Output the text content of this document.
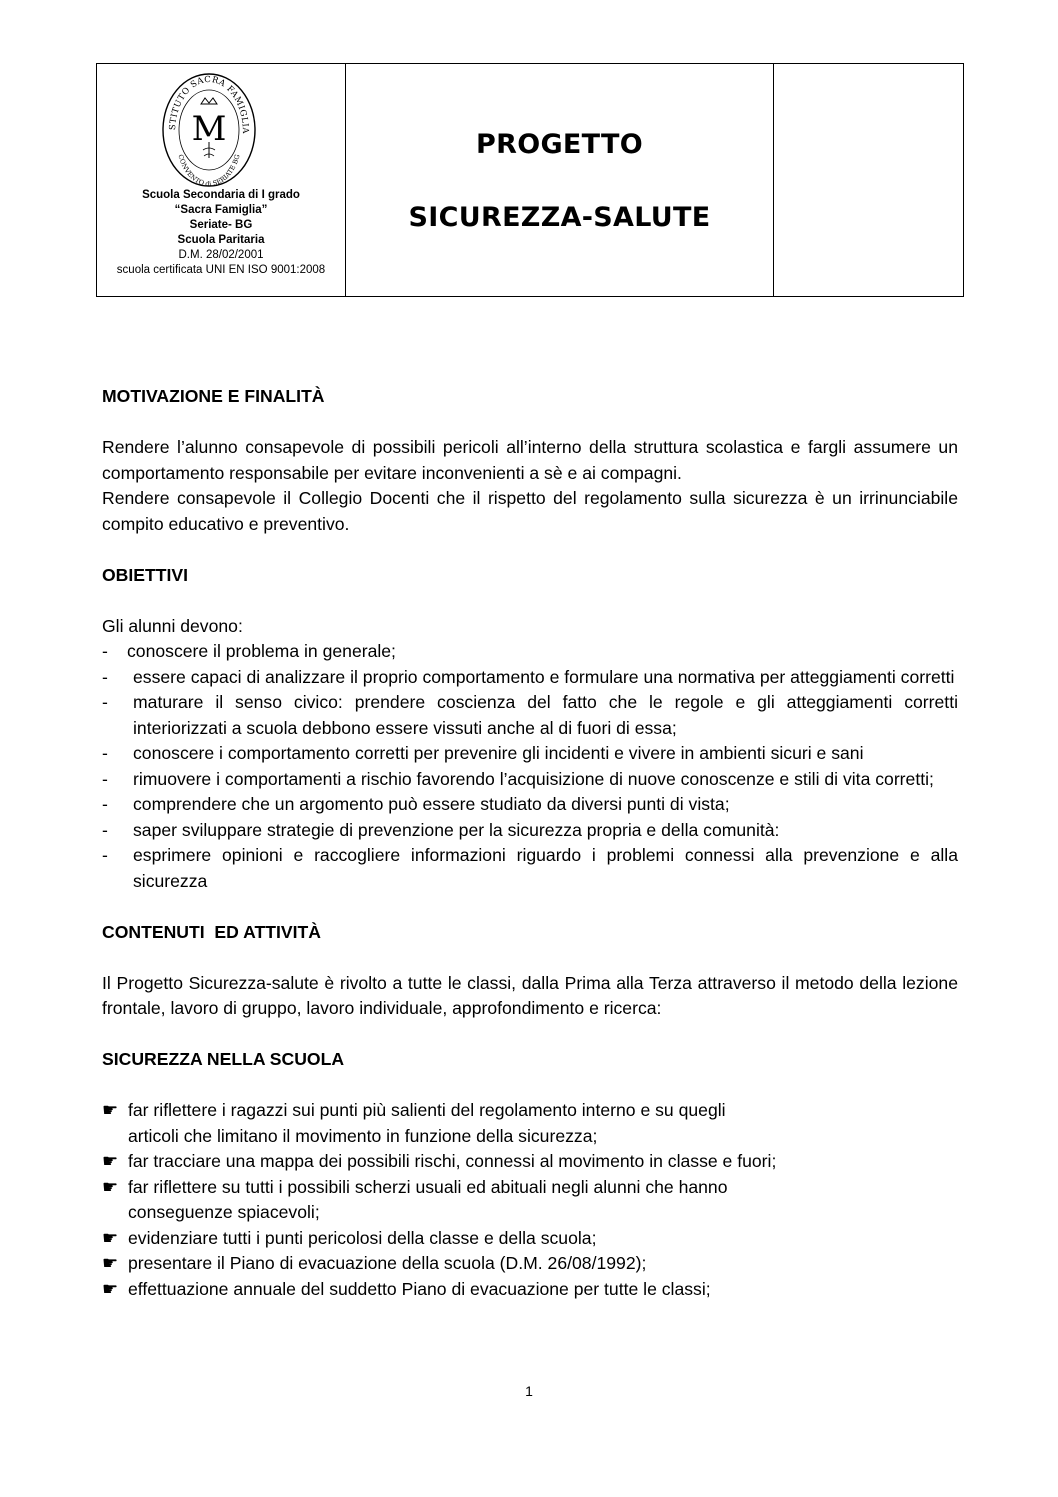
STITUTO SACRA FAMIGLIA
CONVENTO di SERIATE BG
M
Scuola Secondaria di I grado
“Sacra Famiglia”
Seriate- BG
Scuola Paritaria
D.M. 28/02/2001
scuola certificata UNI EN ISO 9001:2008
PROGETTO
SICUREZZA-SALUTE

MOTIVAZIONE E FINALITÀ

Rendere l’alunno consapevole di possibili pericoli all’interno della struttura scolastica e fargli assumere un comportamento responsabile per evitare inconvenienti a sè e ai compagni.

Rendere consapevole il Collegio Docenti che il rispetto del regolamento sulla sicurezza è un irrinunciabile compito educativo e preventivo.

OBIETTIVI

Gli alunni devono:

-	conoscere il problema in generale;
-	essere capaci di analizzare il proprio comportamento e formulare una normativa per atteggiamenti corretti
-	maturare il senso civico: prendere coscienza del fatto che le regole e gli atteggiamenti corretti interiorizzati a scuola debbono essere vissuti anche al di fuori di essa;
-	conoscere i comportamento corretti per prevenire gli incidenti e vivere in ambienti sicuri e sani
-	rimuovere i comportamenti a rischio favorendo l’acquisizione di nuove conoscenze e stili di vita corretti;
-	comprendere che un argomento può essere studiato da diversi punti di vista;
-	saper sviluppare strategie di prevenzione per la sicurezza propria e della comunità:
-	esprimere opinioni e raccogliere informazioni riguardo i problemi connessi alla prevenzione e alla sicurezza

CONTENUTI  ED ATTIVITÀ

Il Progetto Sicurezza-salute è rivolto a tutte le classi, dalla Prima alla Terza attraverso il metodo della lezione frontale, lavoro di gruppo, lavoro individuale, approfondimento e ricerca:

SICUREZZA NELLA SCUOLA

☛ far riflettere i ragazzi sui punti più salienti del regolamento interno e su quegli
articoli che limitano il movimento in funzione della sicurezza;
☛ far tracciare una mappa dei possibili rischi, connessi al movimento in classe e fuori;
☛ far riflettere su tutti i possibili scherzi usuali ed abituali negli alunni che hanno
conseguenze spiacevoli;
☛ evidenziare tutti i punti pericolosi della classe e della scuola;
☛ presentare il Piano di evacuazione della scuola (D.M. 26/08/1992);
☛ effettuazione annuale del suddetto Piano di evacuazione per tutte le classi;
1
